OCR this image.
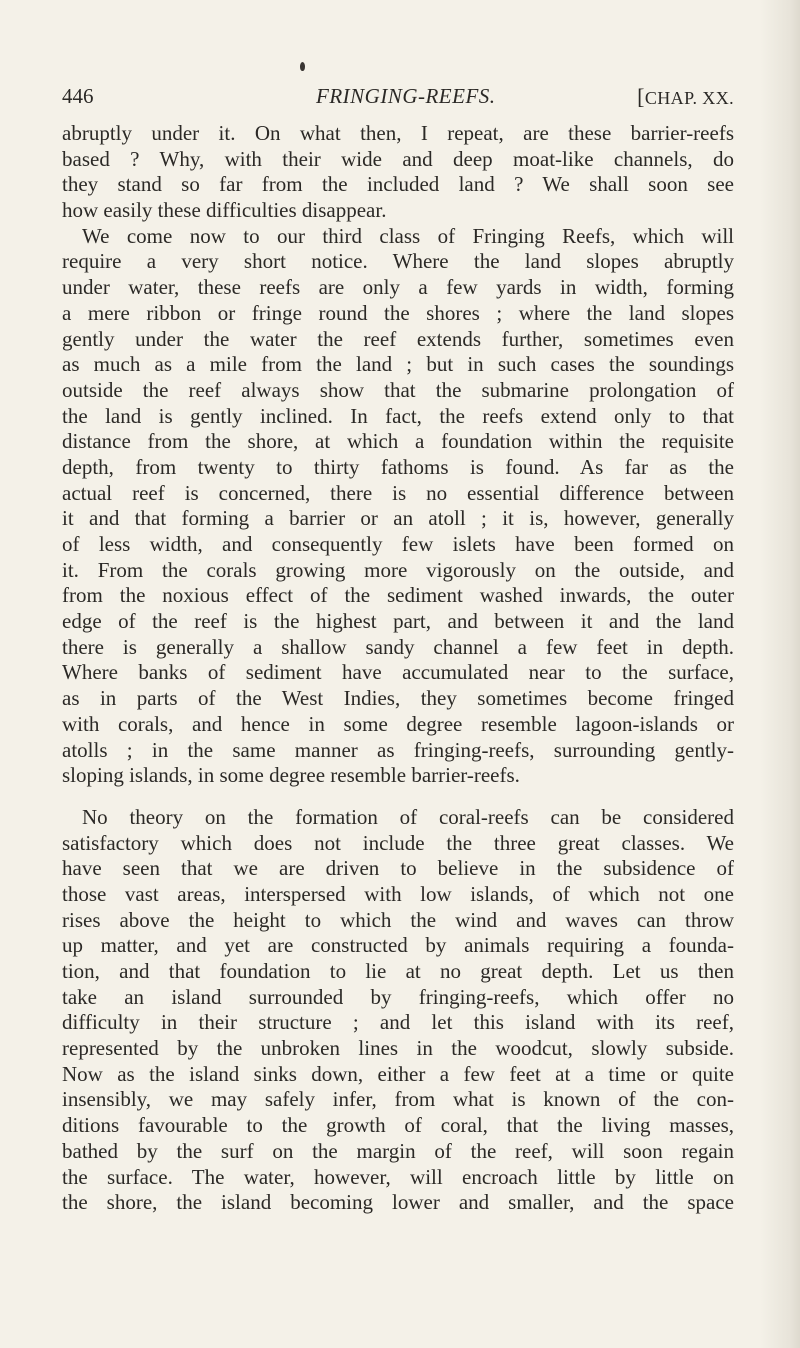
446	FRINGING-REEFS.	[CHAP. XX.
abruptly under it. On what then, I repeat, are these barrier-reefs
based ? Why, with their wide and deep moat-like channels, do
they stand so far from the included land ? We shall soon see
how easily these difficulties disappear.
We come now to our third class of Fringing Reefs, which will
require a very short notice. Where the land slopes abruptly
under water, these reefs are only a few yards in width, forming
a mere ribbon or fringe round the shores ; where the land slopes
gently under the water the reef extends further, sometimes even
as much as a mile from the land ; but in such cases the soundings
outside the reef always show that the submarine prolongation of
the land is gently inclined. In fact, the reefs extend only to that
distance from the shore, at which a foundation within the requisite
depth, from twenty to thirty fathoms is found. As far as the
actual reef is concerned, there is no essential difference between
it and that forming a barrier or an atoll ; it is, however, generally
of less width, and consequently few islets have been formed on
it. From the corals growing more vigorously on the outside, and
from the noxious effect of the sediment washed inwards, the outer
edge of the reef is the highest part, and between it and the land
there is generally a shallow sandy channel a few feet in depth.
Where banks of sediment have accumulated near to the surface,
as in parts of the West Indies, they sometimes become fringed
with corals, and hence in some degree resemble lagoon-islands or
atolls ; in the same manner as fringing-reefs, surrounding gently-
sloping islands, in some degree resemble barrier-reefs.
No theory on the formation of coral-reefs can be considered
satisfactory which does not include the three great classes. We
have seen that we are driven to believe in the subsidence of
those vast areas, interspersed with low islands, of which not one
rises above the height to which the wind and waves can throw
up matter, and yet are constructed by animals requiring a founda-
tion, and that foundation to lie at no great depth. Let us then
take an island surrounded by fringing-reefs, which offer no
difficulty in their structure ; and let this island with its reef,
represented by the unbroken lines in the woodcut, slowly subside.
Now as the island sinks down, either a few feet at a time or quite
insensibly, we may safely infer, from what is known of the con-
ditions favourable to the growth of coral, that the living masses,
bathed by the surf on the margin of the reef, will soon regain
the surface. The water, however, will encroach little by little on
the shore, the island becoming lower and smaller, and the space
